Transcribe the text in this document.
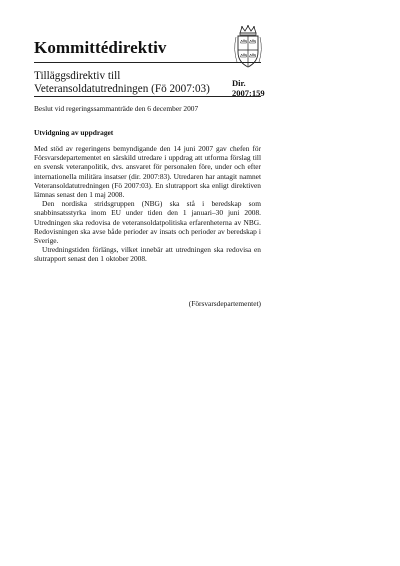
Kommittédirektiv
Tilläggsdirektiv till
Veteransoldatutredningen (Fö 2007:03)	Dir.
2007:159
Beslut vid regeringssammanträde den 6 december 2007
Utvidgning av uppdraget

Med stöd av regeringens bemyndigande den 14 juni 2007 gav chefen för Försvarsdepartementet en särskild utredare i uppdrag att utforma förslag till en svensk veteranpolitik, dvs. ansvaret för personalen före, under och efter internationella militära insatser (dir. 2007:83). Utredaren har antagit namnet Veteransoldatutredningen (Fö 2007:03). En slutrapport ska enligt direktiven lämnas senast den 1 maj 2008.

Den nordiska stridsgruppen (NBG) ska stå i beredskap som snabbinsatsstyrka inom EU under tiden den 1 januari–30 juni 2008. Utredningen ska redovisa de veteransoldatpolitiska erfarenheterna av NBG. Redovisningen ska avse både perioder av insats och perioder av beredskap i Sverige.

Utredningstiden förlängs, vilket innebär att utredningen ska redovisa en slutrapport senast den 1 oktober 2008.

(Försvarsdepartementet)
